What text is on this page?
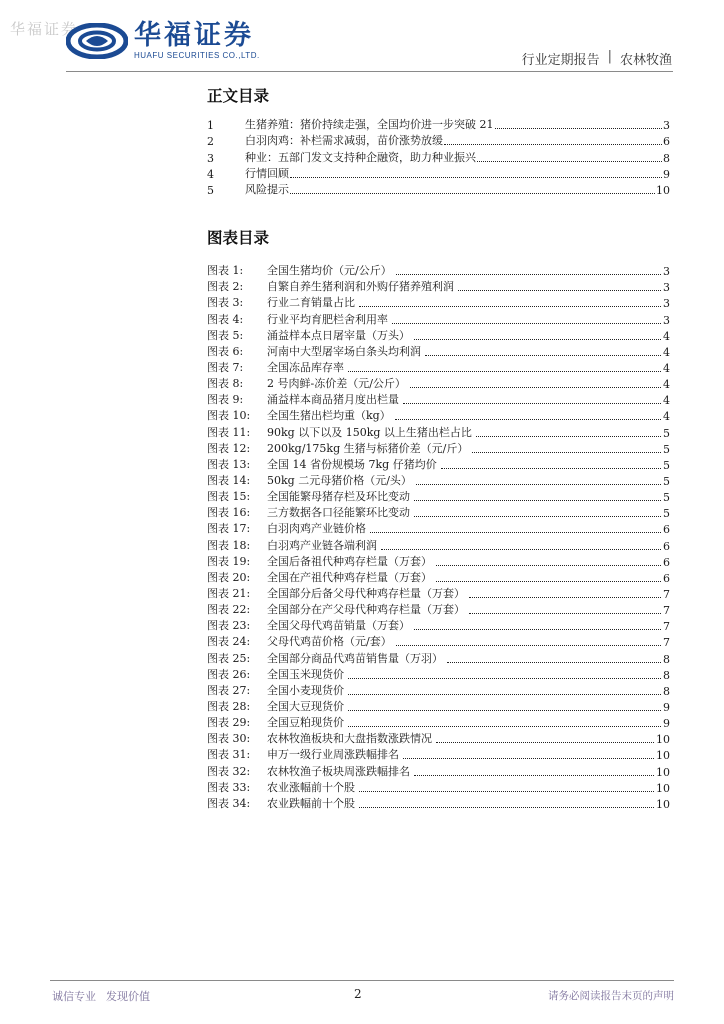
华福证券 华福证券
HUAFU SECURITIES CO.,LTD.	行业定期报告 | 农林牧渔
正文目录
1	生猪养殖：猪价持续走强，全国均价进一步突破 21	3
2	白羽肉鸡：补栏需求减弱，苗价涨势放缓	6
3	种业：五部门发文支持种企融资，助力种业振兴	8
4	行情回顾	9
5	风险提示	10
图表目录
图表 1:	全国生猪均价（元/公斤）	3
图表 2:	自繁自养生猪利润和外购仔猪养殖利润	3
图表 3:	行业二育销量占比	3
图表 4:	行业平均育肥栏舍利用率	3
图表 5:	涌益样本点日屠宰量（万头）	4
图表 6:	河南中大型屠宰场白条头均利润	4
图表 7:	全国冻品库存率	4
图表 8:	2 号肉鲜-冻价差（元/公斤）	4
图表 9:	涌益样本商品猪月度出栏量	4
图表 10:	全国生猪出栏均重（kg）	4
图表 11:	90kg 以下以及 150kg 以上生猪出栏占比	5
图表 12:	200kg/175kg 生猪与标猪价差（元/斤）	5
图表 13:	全国 14 省份规模场 7kg 仔猪均价	5
图表 14:	50kg 二元母猪价格（元/头）	5
图表 15:	全国能繁母猪存栏及环比变动	5
图表 16:	三方数据各口径能繁环比变动	5
图表 17:	白羽肉鸡产业链价格	6
图表 18:	白羽鸡产业链各端利润	6
图表 19:	全国后备祖代种鸡存栏量（万套）	6
图表 20:	全国在产祖代种鸡存栏量（万套）	6
图表 21:	全国部分后备父母代种鸡存栏量（万套）	7
图表 22:	全国部分在产父母代种鸡存栏量（万套）	7
图表 23:	全国父母代鸡苗销量（万套）	7
图表 24:	父母代鸡苗价格（元/套）	7
图表 25:	全国部分商品代鸡苗销售量（万羽）	8
图表 26:	全国玉米现货价	8
图表 27:	全国小麦现货价	8
图表 28:	全国大豆现货价	9
图表 29:	全国豆粕现货价	9
图表 30:	农林牧渔板块和大盘指数涨跌情况	10
图表 31:	申万一级行业周涨跌幅排名	10
图表 32:	农林牧渔子板块周涨跌幅排名	10
图表 33:	农业涨幅前十个股	10
图表 34:	农业跌幅前十个股	10
诚信专业 发现价值	2	请务必阅读报告末页的声明
